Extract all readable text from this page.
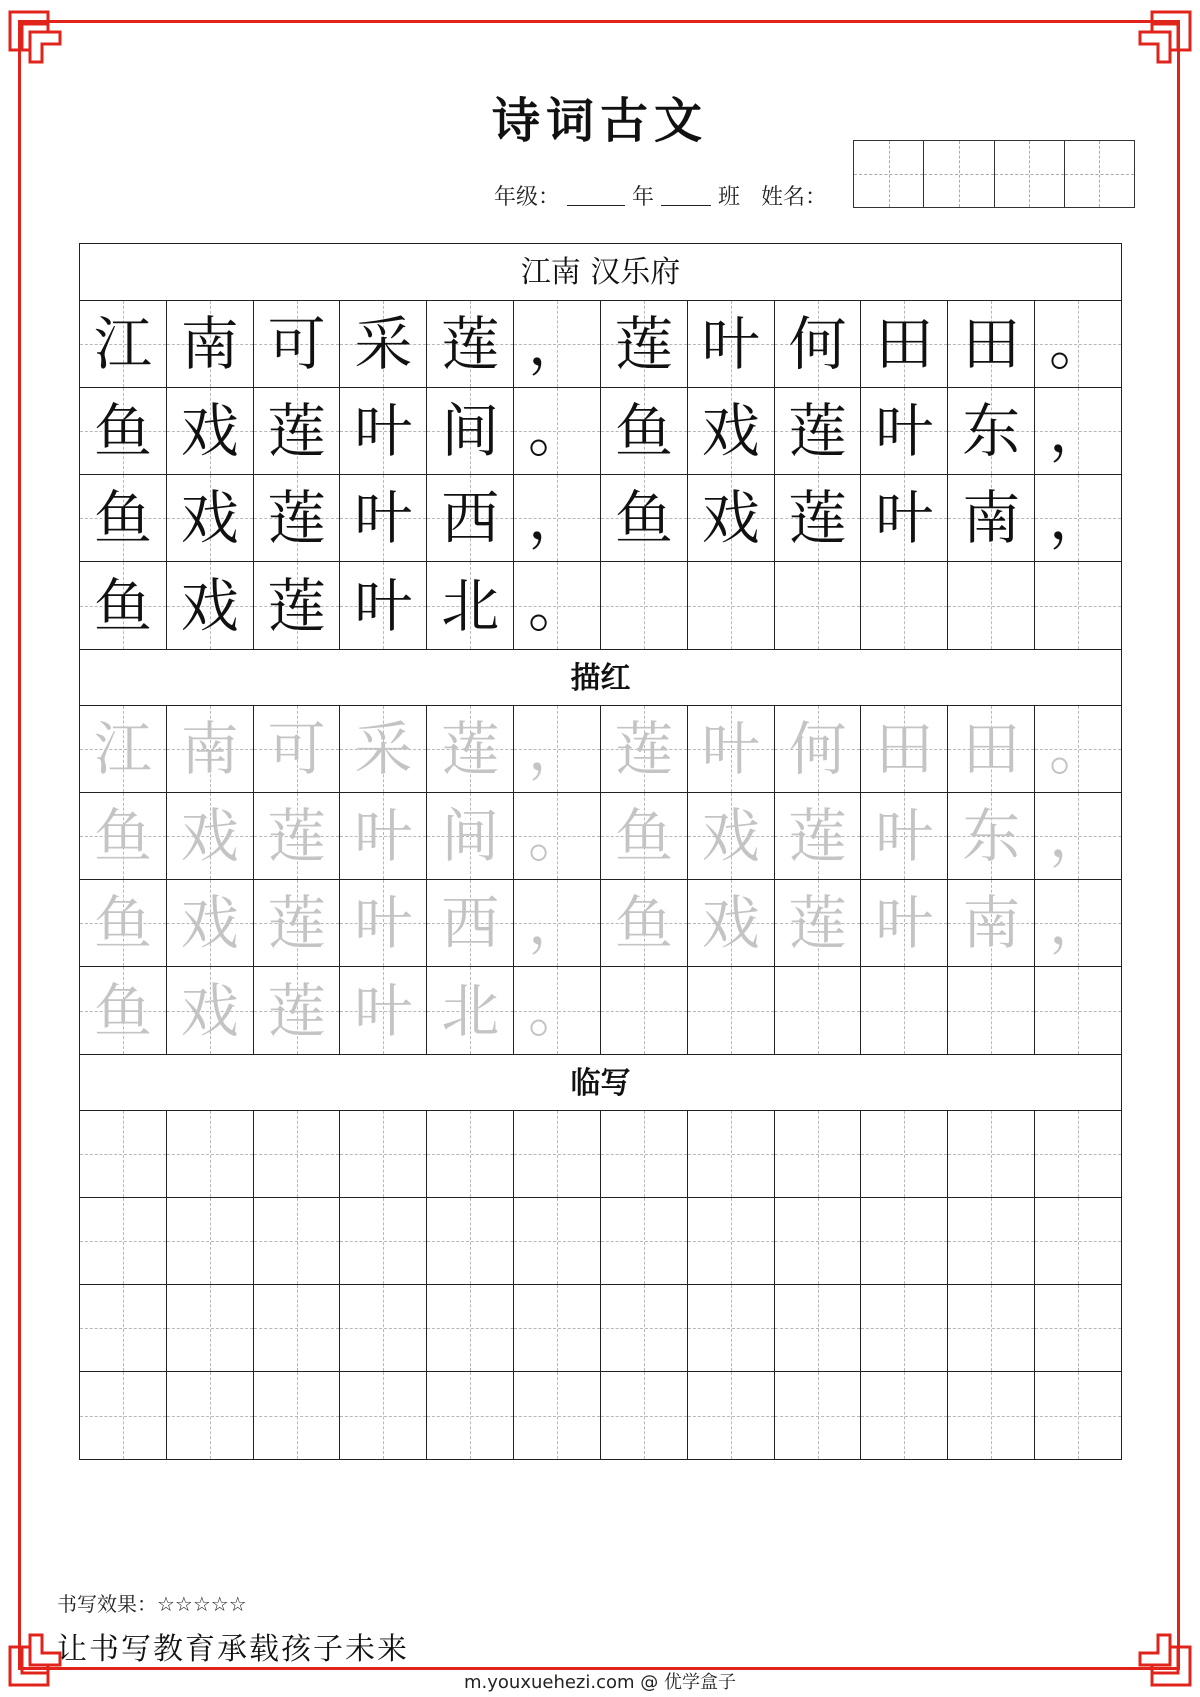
诗词古文
年级：	年	班 姓名：
江南 汉乐府
江 南 可 采 莲 ， 莲 叶 何 田 田 。
鱼 戏 莲 叶 间 。 鱼 戏 莲 叶 东 ，
鱼 戏 莲 叶 西 ， 鱼 戏 莲 叶 南 ，
鱼 戏 莲 叶 北 。
描红
江 南 可 采 莲 ， 莲 叶 何 田 田 。
鱼 戏 莲 叶 间 。 鱼 戏 莲 叶 东 ，
鱼 戏 莲 叶 西 ， 鱼 戏 莲 叶 南 ，
鱼 戏 莲 叶 北 。
临写
书写效果：☆☆☆☆☆
让书写教育承载孩子未来
m.youxuehezi.com @ 优学盒子
